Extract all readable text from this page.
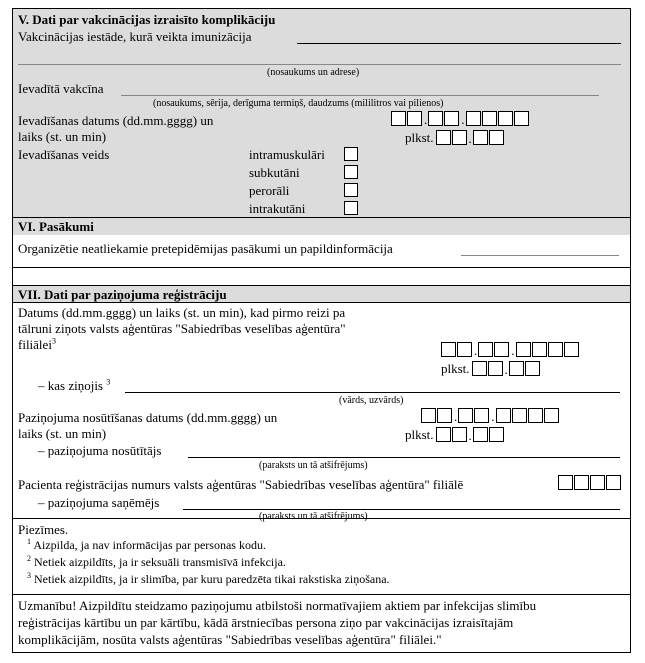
V. Dati par vakcinācijas izraisīto komplikāciju
Vakcinācijas iestāde, kurā veikta imunizācija
(nosaukums un adrese)
Ievadītā vakcīna
(nosaukums, sērija, derīguma termiņš, daudzums (mililitros vai pilienos)
Ievadīšanas datums (dd.mm.gggg) un
laiks (st. un min)
.	.
plkst.	.
Ievadīšanas veids	intramuskulāri
subkutāni
perorāli
intrakutāni
VI. Pasākumi
Organizētie neatliekamie pretepidēmijas pasākumi un papildinformācija
VII. Dati par paziņojuma reģistrāciju
Datums (dd.mm.gggg) un laiks (st. un min), kad pirmo reizi pa
tālruni ziņots valsts aģentūras "Sabiedrības veselības aģentūra"
filiālei$^3$
.	.
plkst.	.
– kas ziņojis $^3$
(vārds, uzvārds)
Paziņojuma nosūtīšanas datums (dd.mm.gggg) un
laiks (st. un min)
.	.
plkst.	.
– paziņojuma nosūtītājs
(paraksts un tā atšifrējums)
Pacienta reģistrācijas numurs valsts aģentūras "Sabiedrības veselības aģentūra" filiālē
– paziņojuma saņēmējs
(paraksts un tā atšifrējums)
Piezīmes.
$^1$ Aizpilda, ja nav informācijas par personas kodu.
$^2$ Netiek aizpildīts, ja ir seksuāli transmisīvā infekcija.
$^3$ Netiek aizpildīts, ja ir slimība, par kuru paredzēta tikai rakstiska ziņošana.
Uzmanību! Aizpildītu steidzamo paziņojumu atbilstoši normatīvajiem aktiem par infekcijas slimību
reģistrācijas kārtību un par kārtību, kādā ārstniecības persona ziņo par vakcinācijas izraisītajām
komplikācijām, nosūta valsts aģentūras "Sabiedrības veselības aģentūra" filiālei."
